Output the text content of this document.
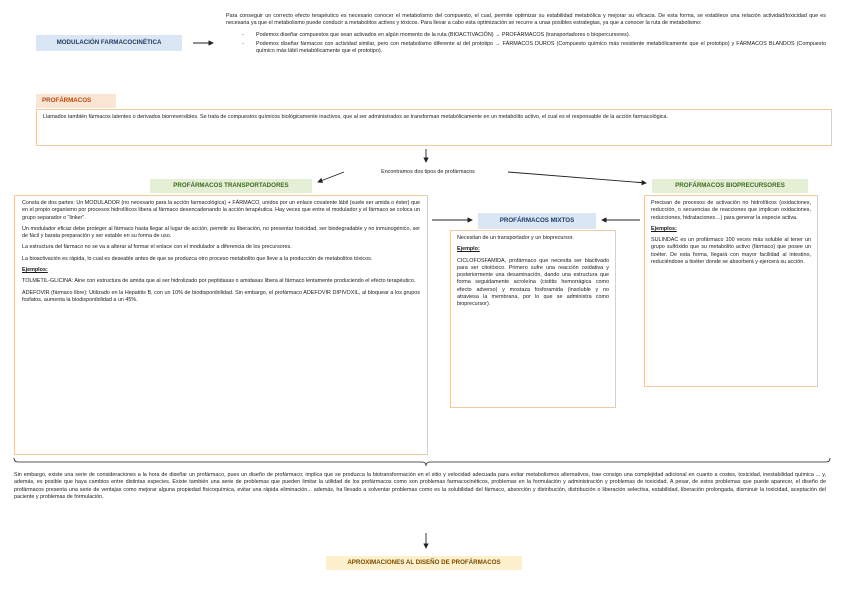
MODULACIÓN FARMACOCINÉTICA

Para conseguir un correcto efecto terapéutico es necesario conocer el metabolismo del compuesto, el cual, permite optimizar su estabilidad metabólica y mejorar su eficacia. De esta forma, se establece una relación actividad/toxicidad que es necesaria ya que el metabolismo puede conducir a metabolitos activos y tóxicos. Para llevar a cabo esta optimización se recurre a unas posibles estrategias, ya que a conocer la ruta de metabolismo:

- Podemos diseñar compuestos que sean activados en algún momento de la ruta (BIOACTIVACIÓN) → PROFÁRMACOS (transportadores o biopercursores).
- Podemos diseñar fármacos con actividad similar, pero con metabolismo diferente al del prototipo → FÁRMACOS DUROS (Compuesto químico más resistente metabólicamente que el prototipo) y FÁRMACOS BLANDOS (Compuesto químico más lábil metabólicamente que el prototipo).
PROFÁRMACOS
Llamados también fármacos latentes o derivados biorreversibles. Se trata de compuestos químicos biológicamente inactivos, que al ser administrados se transforman metabólicamente en un metabolito activo, el cual es el responsable de la acción farmacológica.
Encontramos dos tipos de profármacos
PROFÁRMACOS TRANSPORTADORES

Consta de dos partes: Un MODULADOR (no necesario para la acción farmacológica) + FÁRMACO, unidos por un enlace covalente lábil (suele ser amida o éster) que en el propio organismo por procesos hidrolíticos libera al fármaco desencadenando la acción terapéutica. Hay veces que entre el modulador y el fármaco se coloca un grupo separador o "linker".

Un modulador eficaz debe proteger al fármaco hasta llegar al lugar de acción, permitir su liberación, no presentar toxicidad, ser biodegradable y no inmunogénico, ser de fácil y barata preparación y ser estable en su forma de uso.

La estructura del fármaco no se va a alterar al formar el enlace con el modulador a diferencia de los precursores.

La bioactivación es rápida, lo cual es deseable antes de que se produzca otro proceso metabolito que lleve a la producción de metabolitos tóxicos.

Ejemplos:

TOLMETIL-GLICINA: Aine con estructura de amida que al ser hidrolizado por peptidasas o amidasas libera al fármaco lentamente produciendo el efecto terapéutico.

ADEFOVIR (fármaco libre): Utilizado en la Hepatitis B, con un 10% de biodisponibilidad. Sin embargo, el profármaco ADEFOVIR DIPIVOXIL, al bloquear a los grupos fosfatos, aumenta la biodisponibilidad a un 45%.

PROFÁRMACOS MIXTOS

Necesitan de un transportador y un bioprecursor.

Ejemplo:

CICLOFOSFAMIDA, profármaco que necesita ser biactivado para ser citotóxico. Primero sufre una reacción oxidativa y posteriormente una desaminación, dando una estructura que forma seguidamente acroleína (cistitis hemorrágica como efecto adverso) y mostaza fosforamida (insoluble y no atraviesa la membrana, por lo que se administra como bioprecursor).

PROFÁRMACOS BIOPRECURSORES

Precisan de procesos de activación no hidrolíticos (oxidaciones, reducción, o secuencias de reacciones que implican oxidaciones, reducciones, hidrataciones…) para generar la especie activa.

Ejemplos:

SULINDAC es un profármaco 100 veces más soluble al tener un grupo sulfóxido que su metabolito activo (fármaco) que posee un tioéter. De esta forma, llegará con mayor facilidad al intestino, reduciéndose a tioéter donde se absorberá y ejercerá su acción.

Sin embargo, existe una serie de consideraciones a la hora de diseñar un profármaco, pues un diseño de profármaco; implica que se produzca la biotransformación en el sitio y velocidad adecuada para evitar metabolismos alternativos, trae consigo una complejidad adicional en cuanto a costes, toxicidad, inestabilidad química ... y, además, es posible que haya cambios entre distintas especies. Existe también una serie de problemas que pueden limitar la utilidad de los profármacos como son problemas farmacocinéticos, problemas en la formulación y administración y problemas de toxicidad. A pesar, de estos problemas que puede aparecer, el diseño de profármacos presenta una serie de ventajas como mejorar alguna propiedad fisicoquímica, evitar una rápida eliminación... además, ha llevado a solventar problemas como es la solubilidad del fármaco, absorción y distribución, distribución o liberación selectiva, estabilidad, liberación prolongada, disminuir la toxicidad, aceptación del paciente y problemas de formulación.
APROXIMACIONES AL DISEÑO DE PROFÁRMACOS
